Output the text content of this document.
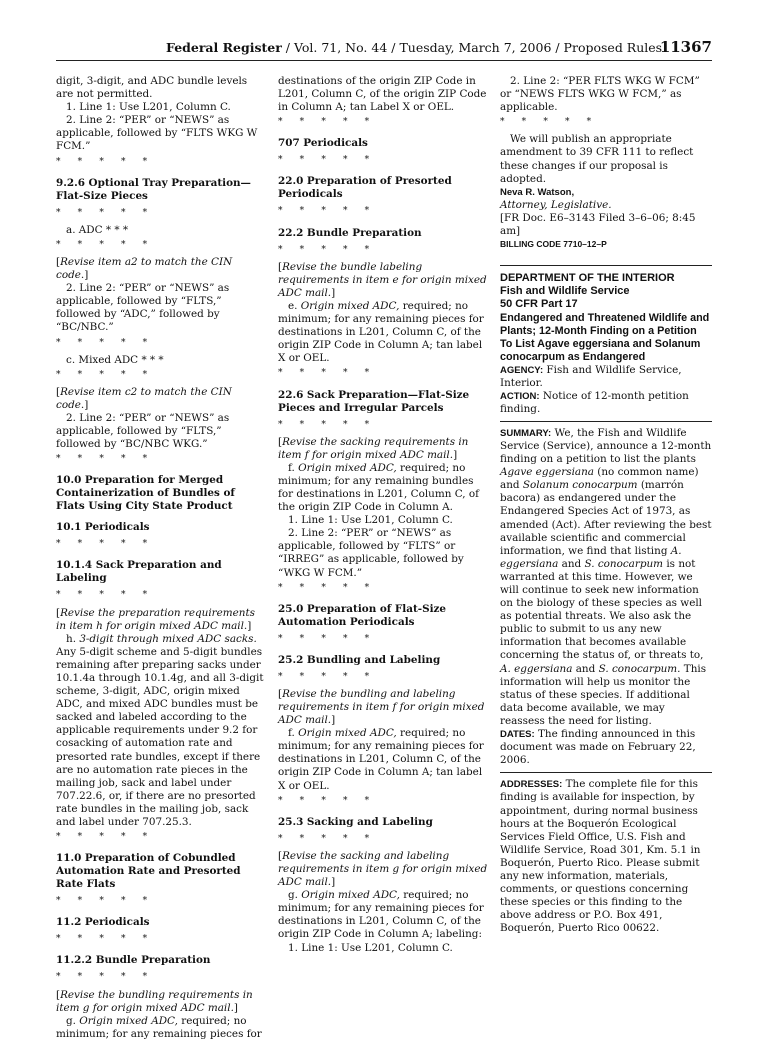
Federal Register / Vol. 71, No. 44 / Tuesday, March 7, 2006 / Proposed Rules
11367

digit, 3-digit, and ADC bundle levels are not permitted.

1. Line 1: Use L201, Column C.

2. Line 2: “PER” or “NEWS” as applicable, followed by “FLTS WKG W FCM.”

*      *      *      *      *

9.2.6 Optional Tray Preparation—Flat-Size Pieces

*      *      *      *      *

a. ADC * * *

*      *      *      *      *

[Revise item a2 to match the CIN code.]

2. Line 2: “PER” or “NEWS” as applicable, followed by “FLTS,” followed by “ADC,” followed by “BC/NBC.”

*      *      *      *      *

c. Mixed ADC * * *

*      *      *      *      *

[Revise item c2 to match the CIN code.]

2. Line 2: “PER” or “NEWS” as applicable, followed by “FLTS,” followed by “BC/NBC WKG.”

*      *      *      *      *

10.0 Preparation for Merged Containerization of Bundles of Flats Using City State Product

10.1 Periodicals

*      *      *      *      *

10.1.4 Sack Preparation and Labeling

*      *      *      *      *

[Revise the preparation requirements in item h for origin mixed ADC mail.]

h. 3-digit through mixed ADC sacks. Any 5-digit scheme and 5-digit bundles remaining after preparing sacks under 10.1.4a through 10.1.4g, and all 3-digit scheme, 3-digit, ADC, origin mixed ADC, and mixed ADC bundles must be sacked and labeled according to the applicable requirements under 9.2 for cosacking of automation rate and presorted rate bundles, except if there are no automation rate pieces in the mailing job, sack and label under 707.22.6, or, if there are no presorted rate bundles in the mailing job, sack and label under 707.25.3.

*      *      *      *      *

11.0 Preparation of Cobundled Automation Rate and Presorted Rate Flats

*      *      *      *      *

11.2 Periodicals

*      *      *      *      *

11.2.2 Bundle Preparation

*      *      *      *      *

[Revise the bundling requirements in item g for origin mixed ADC mail.]

g. Origin mixed ADC, required; no minimum; for any remaining pieces for

destinations of the origin ZIP Code in L201, Column C, of the origin ZIP Code in Column A; tan Label X or OEL.

*      *      *      *      *

707 Periodicals

*      *      *      *      *

22.0 Preparation of Presorted Periodicals

*      *      *      *      *

22.2 Bundle Preparation

*      *      *      *      *

[Revise the bundle labeling requirements in item e for origin mixed ADC mail.]

e. Origin mixed ADC, required; no minimum; for any remaining pieces for destinations in L201, Column C, of the origin ZIP Code in Column A; tan label X or OEL.

*      *      *      *      *

22.6 Sack Preparation—Flat-Size Pieces and Irregular Parcels

*      *      *      *      *

[Revise the sacking requirements in item f for origin mixed ADC mail.]

f. Origin mixed ADC, required; no minimum; for any remaining bundles for destinations in L201, Column C, of the origin ZIP Code in Column A.

1. Line 1: Use L201, Column C.

2. Line 2: “PER” or “NEWS” as applicable, followed by “FLTS” or “IRREG” as applicable, followed by “WKG W FCM.”

*      *      *      *      *

25.0 Preparation of Flat-Size Automation Periodicals

*      *      *      *      *

25.2 Bundling and Labeling

*      *      *      *      *

[Revise the bundling and labeling requirements in item f for origin mixed ADC mail.]

f. Origin mixed ADC, required; no minimum; for any remaining pieces for destinations in L201, Column C, of the origin ZIP Code in Column A; tan label X or OEL.

*      *      *      *      *

25.3 Sacking and Labeling

*      *      *      *      *

[Revise the sacking and labeling requirements in item g for origin mixed ADC mail.]

g. Origin mixed ADC, required; no minimum; for any remaining pieces for destinations in L201, Column C, of the origin ZIP Code in Column A; labeling:

1. Line 1: Use L201, Column C.

2. Line 2: “PER FLTS WKG W FCM” or “NEWS FLTS WKG W FCM,” as applicable.

*      *      *      *      *

We will publish an appropriate amendment to 39 CFR 111 to reflect these changes if our proposal is adopted.

Neva R. Watson,

Attorney, Legislative.

[FR Doc. E6–3143 Filed 3–6–06; 8:45 am]

BILLING CODE 7710–12–P

DEPARTMENT OF THE INTERIOR

Fish and Wildlife Service

50 CFR Part 17

Endangered and Threatened Wildlife and Plants; 12-Month Finding on a Petition To List Agave eggersiana and Solanum conocarpum as Endangered

AGENCY: Fish and Wildlife Service, Interior.

ACTION: Notice of 12-month petition finding.

SUMMARY: We, the Fish and Wildlife Service (Service), announce a 12-month finding on a petition to list the plants Agave eggersiana (no common name) and Solanum conocarpum (marrón bacora) as endangered under the Endangered Species Act of 1973, as amended (Act). After reviewing the best available scientific and commercial information, we find that listing A. eggersiana and S. conocarpum is not warranted at this time. However, we will continue to seek new information on the biology of these species as well as potential threats. We also ask the public to submit to us any new information that becomes available concerning the status of, or threats to, A. eggersiana and S. conocarpum. This information will help us monitor the status of these species. If additional data become available, we may reassess the need for listing.

DATES: The finding announced in this document was made on February 22, 2006.

ADDRESSES: The complete file for this finding is available for inspection, by appointment, during normal business hours at the Boquerón Ecological Services Field Office, U.S. Fish and Wildlife Service, Road 301, Km. 5.1 in Boquerón, Puerto Rico. Please submit any new information, materials, comments, or questions concerning these species or this finding to the above address or P.O. Box 491, Boquerón, Puerto Rico 00622.
